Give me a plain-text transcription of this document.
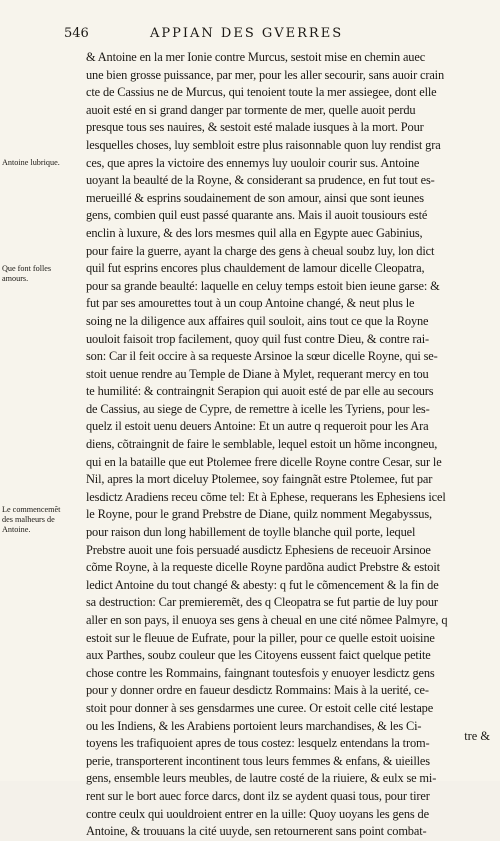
546	APPIAN DES GVERRES
Antoine lubrique.
Que font folles
amours.
Le commencemẽt
des malheurs de
Antoine.
& Antoine en la mer Ionie contre Murcus, sestoit mise en chemin auec
une bien grosse puissance, par mer, pour les aller secourir, sans auoir crain
cte de Cassius ne de Murcus, qui tenoient toute la mer assiegee, dont elle
auoit esté en si grand danger par tormente de mer, quelle auoit perdu
presque tous ses nauires, & sestoit esté malade iusques à la mort. Pour
lesquelles choses, luy sembloit estre plus raisonnable quon luy rendist gra
ces, que apres la victoire des ennemys luy uouloir courir sus. Antoine
uoyant la beaulté de la Royne, & considerant sa prudence, en fut tout es-
merueillé & esprins soudainement de son amour, ainsi que sont ieunes
gens, combien quil eust passé quarante ans. Mais il auoit tousiours esté
enclin à luxure, & des lors mesmes quil alla en Egypte auec Gabinius,
pour faire la guerre, ayant la charge des gens à cheual soubz luy, lon dict
quil fut esprins encores plus chauldement de lamour dicelle Cleopatra,
pour sa grande beaulté: laquelle en celuy temps estoit bien ieune garse: &
fut par ses amourettes tout à un coup Antoine changé, & neut plus le
soing ne la diligence aux affaires quil souloit, ains tout ce que la Royne
uouloit faisoit trop facilement, quoy quil fust contre Dieu, & contre rai-
son: Car il feit occire à sa requeste Arsinoe la sœur dicelle Royne, qui se-
stoit uenue rendre au Temple de Diane à Mylet, requerant mercy en tou
te humilité: & contraingnit Serapion qui auoit esté de par elle au secours
de Cassius, au siege de Cypre, de remettre à icelle les Tyriens, pour les-
quelz il estoit uenu deuers Antoine: Et un autre q requeroit pour les Ara
diens, cõtraingnit de faire le semblable, lequel estoit un hõme incongneu,
qui en la bataille que eut Ptolemee frere dicelle Royne contre Cesar, sur le
Nil, apres la mort diceluy Ptolemee, soy faingnãt estre Ptolemee, fut par
lesdictz Aradiens receu cõme tel: Et à Ephese, requerans les Ephesiens icel
le Royne, pour le grand Prebstre de Diane, quilz nomment Megabyssus,
pour raison dun long habillement de toylle blanche quil porte, lequel
Prebstre auoit une fois persuadé ausdictz Ephesiens de receuoir Arsinoe
cõme Royne, à la requeste dicelle Royne pardõna audict Prebstre & estoit
ledict Antoine du tout changé & abesty: q fut le cõmencement & la fin de
sa destruction: Car premieremẽt, des q Cleopatra se fut partie de luy pour
aller en son pays, il enuoya ses gens à cheual en une cité nõmee Palmyre, q
estoit sur le fleuue de Eufrate, pour la piller, pour ce quelle estoit uoisine
aux Parthes, soubz couleur que les Citoyens eussent faict quelque petite
chose contre les Rommains, faingnant toutesfois y enuoyer lesdictz gens
pour y donner ordre en faueur desdictz Rommains: Mais à la uerité, ce-
stoit pour donner à ses gensdarmes une curee. Or estoit celle cité lestape
ou les Indiens, & les Arabiens portoient leurs marchandises, & les Ci-
toyens les trafiquoient apres de tous costez: lesquelz entendans la trom-
perie, transporterent incontinent tous leurs femmes & enfans, & uieilles
gens, ensemble leurs meubles, de lautre costé de la riuiere, & eulx se mi-
rent sur le bort auec force darcs, dont ilz se aydent quasi tous, pour tirer
contre ceulx qui uouldroient entrer en la uille: Quoy uoyans les gens de
Antoine, & trouuans la cité uuyde, sen retournerent sans point combat-
tre &
